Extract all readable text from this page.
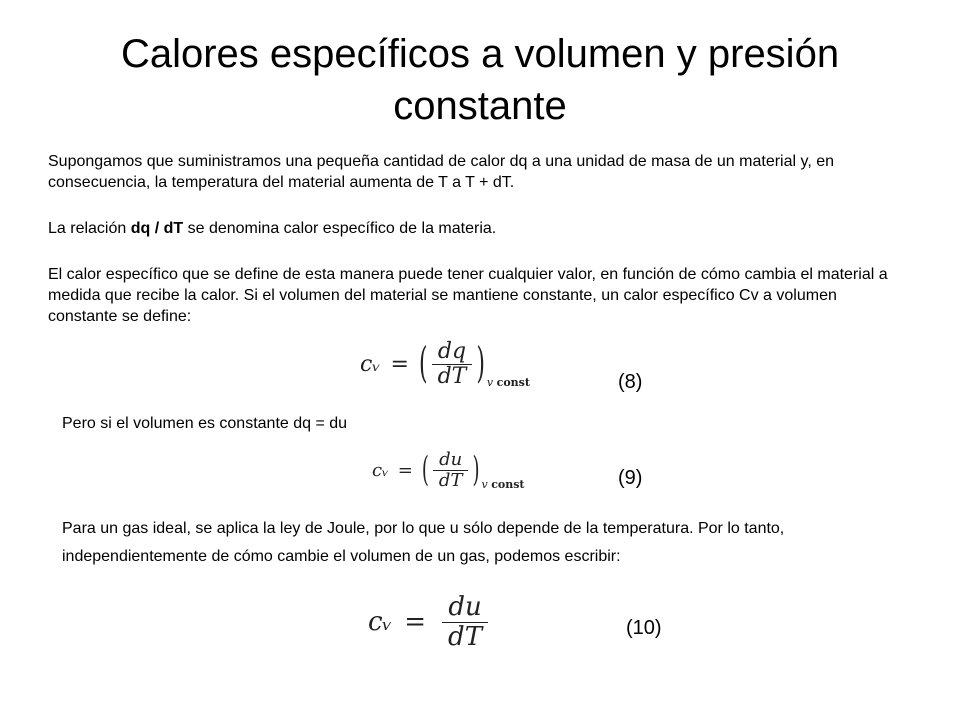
Calores específicos a volumen y presión constante
Supongamos que suministramos una pequeña cantidad de calor dq a una unidad de masa de un material y, en consecuencia, la temperatura del material aumenta de T a T + dT.
La relación dq / dT se denomina calor específico de la materia.
El calor específico que se define de esta manera puede tener cualquier valor, en función de cómo cambia el material a medida que recibe la calor. Si el volumen del material se mantiene constante, un calor específico Cv a volumen constante se define:
cᵥ = ( $\frac{dq}{dT}$ ) v const	(8)
Pero si el volumen es constante dq = du
cᵥ = ( $\frac{du}{dT}$ ) v const	(9)
Para un gas ideal, se aplica la ley de Joule, por lo que u sólo depende de la temperatura. Por lo tanto, independientemente de cómo cambie el volumen de un gas, podemos escribir:
cᵥ = $\frac{du}{dT}$	(10)
